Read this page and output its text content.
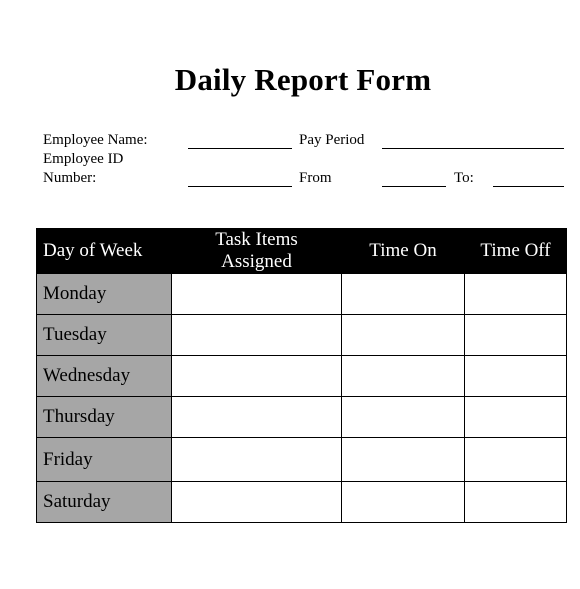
Daily Report Form
Employee Name:
Employee ID
Number:
Pay Period
From	To:
Day of Week	Task Items Assigned	Time On	Time Off
Monday			
Tuesday			
Wednesday			
Thursday			
Friday			
Saturday			
